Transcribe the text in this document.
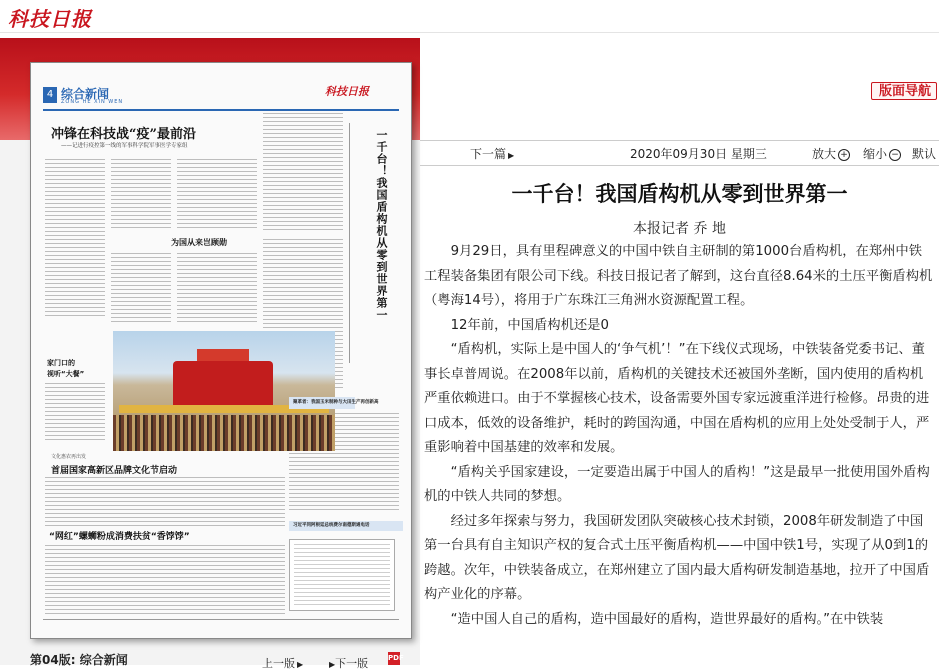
科技日报
4 综合新闻
ZONG HE XIN WEN
科技日报
冲锋在科技战“疫”最前沿
——记进行疫控第一线的军事科学院军事医学专家组	一千台！我国盾构机从零到世界第一
为国从来岂顾勋
家门口的
视听“大餐”
文化惠农再出发
首届国家高新区品牌文化节启动
“网红”螺蛳粉成消费扶贫“香饽饽”
聚革者：我国玉米制种与大田生产再创新高
习近平同阿根廷总统费尔南德斯通电话
第04版: 综合新闻	上一版 ▶	▶下一版	PDF
版面导航
下一篇 ▶	2020年09月30日 星期三	放大 + 缩小 − 默认
一千台！我国盾构机从零到世界第一
本报记者 乔 地

9月29日，具有里程碑意义的中国中铁自主研制的第1000台盾构机，在郑州中铁工程装备集团有限公司下线。科技日报记者了解到，这台直径8.64米的土压平衡盾构机（粤海14号），将用于广东珠江三角洲水资源配置工程。

12年前，中国盾构机还是0

“盾构机，实际上是中国人的‘争气机’！”在下线仪式现场，中铁装备党委书记、董事长卓普周说。在2008年以前，盾构机的关键技术还被国外垄断，国内使用的盾构机严重依赖进口。由于不掌握核心技术，设备需要外国专家远渡重洋进行检修。昂贵的进口成本，低效的设备维护，耗时的跨国沟通，中国在盾构机的应用上处处受制于人，严重影响着中国基建的效率和发展。

“盾构关乎国家建设，一定要造出属于中国人的盾构！”这是最早一批使用国外盾构机的中铁人共同的梦想。

经过多年探索与努力，我国研发团队突破核心技术封锁，2008年研发制造了中国第一台具有自主知识产权的复合式土压平衡盾构机——中国中铁1号，实现了从0到1的跨越。次年，中铁装备成立，在郑州建立了国内最大盾构研发制造基地，拉开了中国盾构产业化的序幕。

“造中国人自己的盾构，造中国最好的盾构，造世界最好的盾构。”在中铁装
